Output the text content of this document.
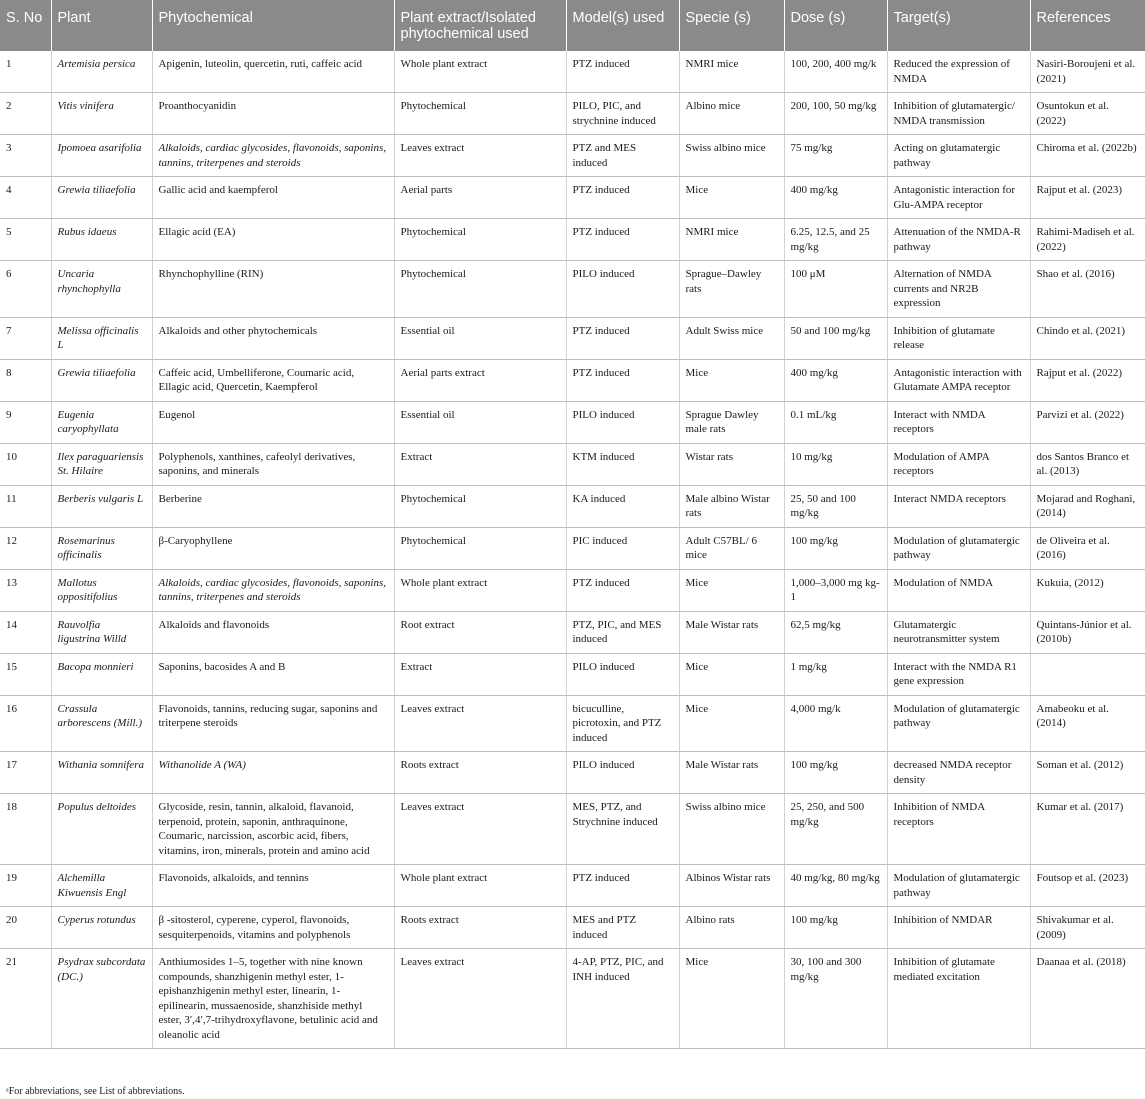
S. No	Plant	Phytochemical	Plant extract/Isolated phytochemical used	Model(s) used	Specie (s)	Dose (s)	Target(s)	References
1	Artemisia persica	Apigenin, luteolin, quercetin, ruti, caffeic acid	Whole plant extract	PTZ induced	NMRI mice	100, 200, 400 mg/k	Reduced the expression of NMDA	Nasiri-Boroujeni et al. (2021)
2	Vitis vinifera	Proanthocyanidin	Phytochemical	PILO, PIC, and strychnine induced	Albino mice	200, 100, 50 mg/kg	Inhibition of glutamatergic/ NMDA transmission	Osuntokun et al. (2022)
3	Ipomoea asarifolia	Alkaloids, cardiac glycosides, flavonoids, saponins, tannins, triterpenes and steroids	Leaves extract	PTZ and MES induced	Swiss albino mice	75 mg/kg	Acting on glutamatergic pathway	Chiroma et al. (2022b)
4	Grewia tiliaefolia	Gallic acid and kaempferol	Aerial parts	PTZ induced	Mice	400 mg/kg	Antagonistic interaction for Glu-AMPA receptor	Rajput et al. (2023)
5	Rubus idaeus	Ellagic acid (EA)	Phytochemical	PTZ induced	NMRI mice	6.25, 12.5, and 25 mg/kg	Attenuation of the NMDA-R pathway	Rahimi-Madiseh et al. (2022)
6	Uncaria rhynchophylla	Rhynchophylline (RIN)	Phytochemical	PILO induced	Sprague–Dawley rats	100 μM	Alternation of NMDA currents and NR2B expression	Shao et al. (2016)
7	Melissa officinalis L	Alkaloids and other phytochemicals	Essential oil	PTZ induced	Adult Swiss mice	50 and 100 mg/kg	Inhibition of glutamate release	Chindo et al. (2021)
8	Grewia tiliaefolia	Caffeic acid, Umbelliferone, Coumaric acid, Ellagic acid, Quercetin, Kaempferol	Aerial parts extract	PTZ induced	Mice	400 mg/kg	Antagonistic interaction with Glutamate AMPA receptor	Rajput et al. (2022)
9	Eugenia caryophyllata	Eugenol	Essential oil	PILO induced	Sprague Dawley male rats	0.1 mL/kg	Interact with NMDA receptors	Parvizi et al. (2022)
10	Ilex paraguariensis St. Hilaire	Polyphenols, xanthines, cafeolyl derivatives, saponins, and minerals	Extract	KTM induced	Wistar rats	10 mg/kg	Modulation of AMPA receptors	dos Santos Branco et al. (2013)
11	Berberis vulgaris L	Berberine	Phytochemical	KA induced	Male albino Wistar rats	25, 50 and 100 mg/kg	Interact NMDA receptors	Mojarad and Roghani, (2014)
12	Rosemarinus officinalis	β-Caryophyllene	Phytochemical	PIC induced	Adult C57BL/ 6 mice	100 mg/kg	Modulation of glutamatergic pathway	de Oliveira et al. (2016)
13	Mallotus oppositifolius	Alkaloids, cardiac glycosides, flavonoids, saponins, tannins, triterpenes and steroids	Whole plant extract	PTZ induced	Mice	1,000–3,000 mg kg-1	Modulation of NMDA	Kukuia, (2012)
14	Rauvolfia ligustrina Willd	Alkaloids and flavonoids	Root extract	PTZ, PIC, and MES induced	Male Wistar rats	62,5 mg/kg	Glutamatergic neurotransmitter system	Quintans-Júnior et al. (2010b)
15	Bacopa monnieri	Saponins, bacosides A and B	Extract	PILO induced	Mice	1 mg/kg	Interact with the NMDA R1 gene expression	
16	Crassula arborescens (Mill.)	Flavonoids, tannins, reducing sugar, saponins and triterpene steroids	Leaves extract	bicuculline, picrotoxin, and PTZ induced	Mice	4,000 mg/k	Modulation of glutamatergic pathway	Amabeoku et al. (2014)
17	Withania somnifera	Withanolide A (WA)	Roots extract	PILO induced	Male Wistar rats	100 mg/kg	decreased NMDA receptor density	Soman et al. (2012)
18	Populus deltoides	Glycoside, resin, tannin, alkaloid, flavanoid, terpenoid, protein, saponin, anthraquinone, Coumaric, narcission, ascorbic acid, fibers, vitamins, iron, minerals, protein and amino acid	Leaves extract	MES, PTZ, and Strychnine induced	Swiss albino mice	25, 250, and 500 mg/kg	Inhibition of NMDA receptors	Kumar et al. (2017)
19	Alchemilla Kiwuensis Engl	Flavonoids, alkaloids, and tennins	Whole plant extract	PTZ induced	Albinos Wistar rats	40 mg/kg, 80 mg/kg	Modulation of glutamatergic pathway	Foutsop et al. (2023)
20	Cyperus rotundus	β -sitosterol, cyperene, cyperol, flavonoids, sesquiterpenoids, vitamins and polyphenols	Roots extract	MES and PTZ induced	Albino rats	100 mg/kg	Inhibition of NMDAR	Shivakumar et al. (2009)
21	Psydrax subcordata (DC.)	Anthiumosides 1–5, together with nine known compounds, shanzhigenin methyl ester, 1-epishanzhigenin methyl ester, linearin, 1-epilinearin, mussaenoside, shanzhiside methyl ester, 3′,4′,7-trihydroxyflavone, betulinic acid and oleanolic acid	Leaves extract	4-AP, PTZ, PIC, and INH induced	Mice	30, 100 and 300 mg/kg	Inhibition of glutamate mediated excitation	Daanaa et al. (2018)
ᵃFor abbreviations, see List of abbreviations.
